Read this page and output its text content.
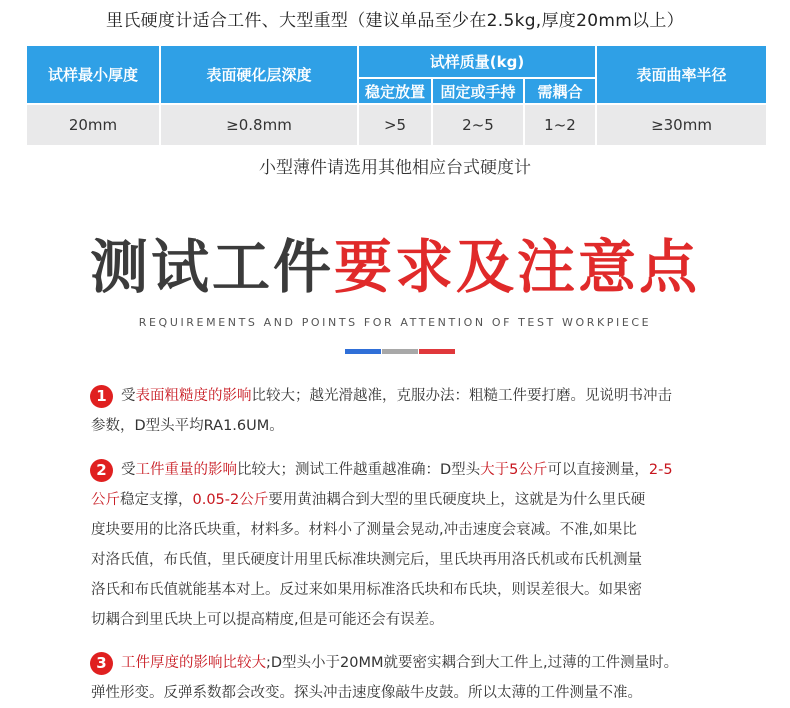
里氏硬度计适合工件、大型重型（建议单品至少在2.5kg,厚度20mm以上）
试样最小厚度	表面硬化层深度	试样质量(kg)			表面曲率半径
		稳定放置	固定或手持	需耦合	
20mm	≥0.8mm	>5	2~5	1~2	≥30mm
小型薄件请选用其他相应台式硬度计
测试工件要求及注意点
REQUIREMENTS AND POINTS FOR ATTENTION OF TEST WORKPIECE
1 受表面粗糙度的影响比较大；越光滑越准，克服办法：粗糙工件要打磨。见说明书冲击

参数，D型头平均RA1.6UM。

2 受工件重量的影响比较大；测试工件越重越准确：D型头大于5公斤可以直接测量，2-5

公斤稳定支撑，0.05-2公斤要用黄油耦合到大型的里氏硬度块上，这就是为什么里氏硬

度块要用的比洛氏块重，材料多。材料小了测量会晃动,冲击速度会衰减。不准,如果比

对洛氏值，布氏值，里氏硬度计用里氏标准块测完后，里氏块再用洛氏机或布氏机测量

洛氏和布氏值就能基本对上。反过来如果用标准洛氏块和布氏块，则误差很大。如果密

切耦合到里氏块上可以提高精度,但是可能还会有误差。

3 工件厚度的影响比较大;D型头小于20MM就要密实耦合到大工件上,过薄的工件测量时。

弹性形变。反弹系数都会改变。探头冲击速度像敲牛皮鼓。所以太薄的工件测量不准。
